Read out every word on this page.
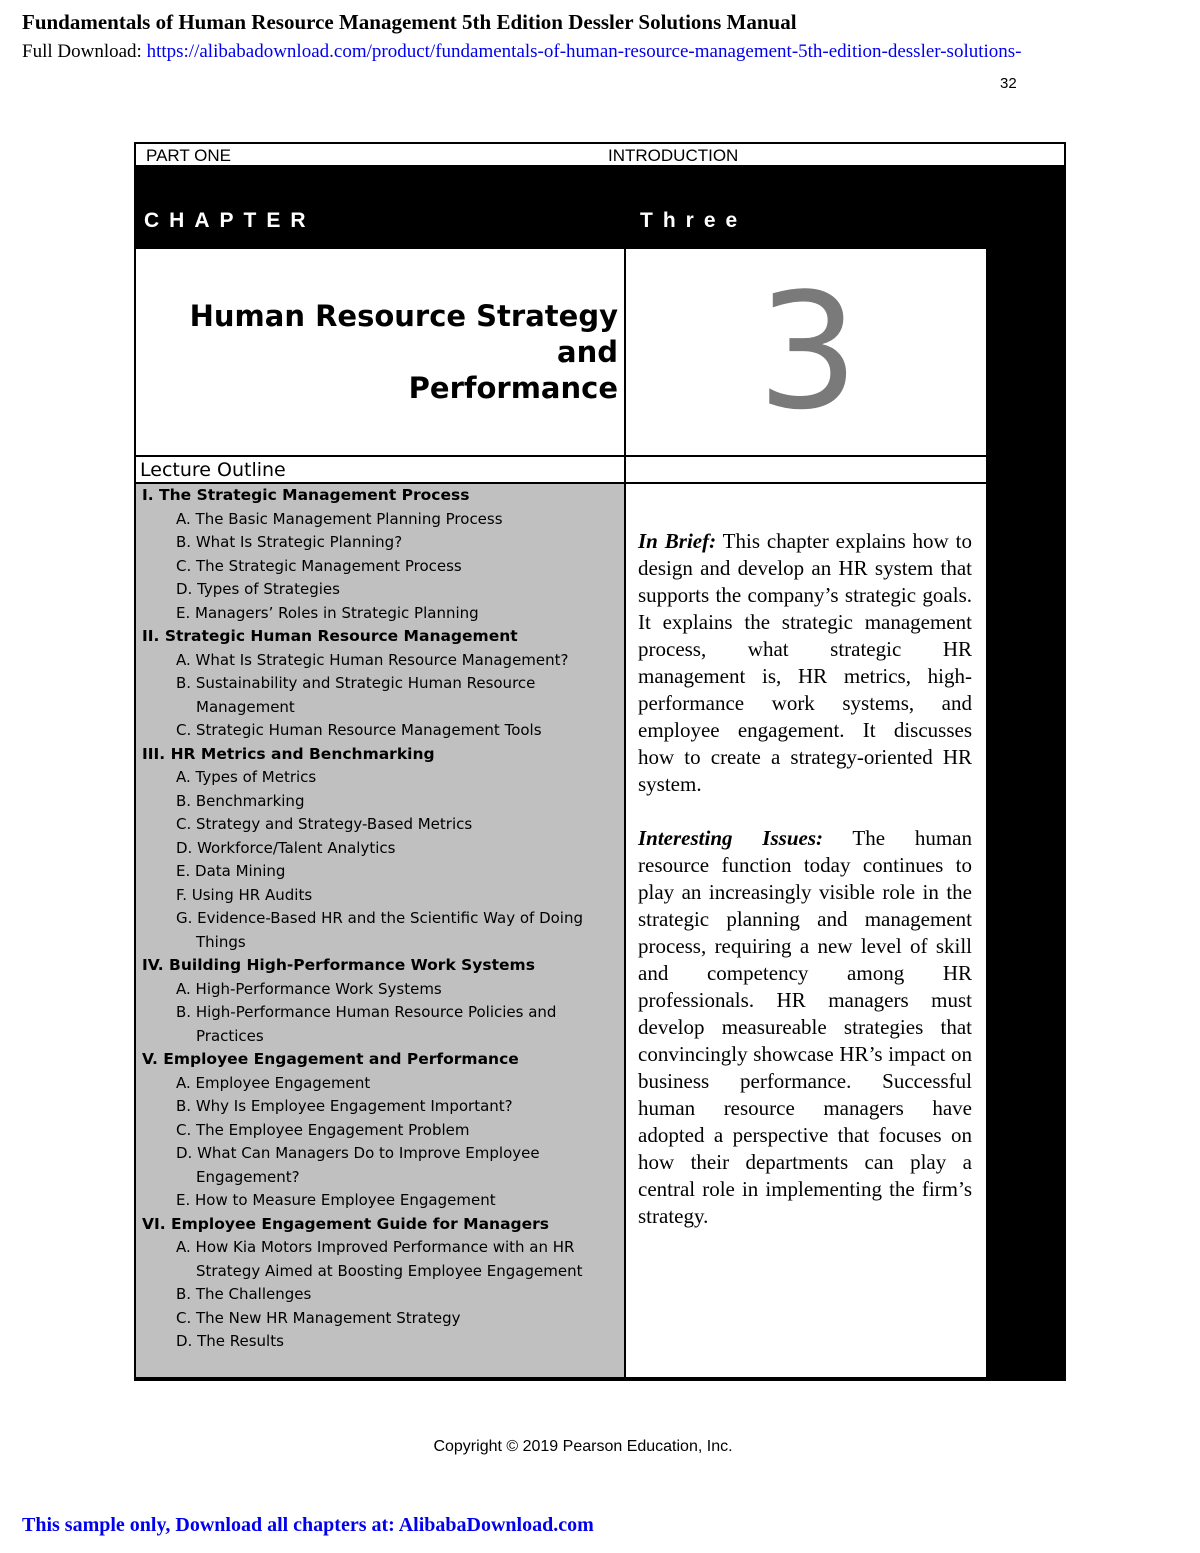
Fundamentals of Human Resource Management 5th Edition Dessler Solutions Manual
Full Download: https://alibabadownload.com/product/fundamentals-of-human-resource-management-5th-edition-dessler-solutions-
32
PART ONE	INTRODUCTION
CHAPTER	Three
Human Resource Strategy and
Performance 3
Lecture Outline
I. The Strategic Management Process
A. The Basic Management Planning Process
B. What Is Strategic Planning?
C. The Strategic Management Process
D. Types of Strategies
E. Managers’ Roles in Strategic Planning
II. Strategic Human Resource Management
A. What Is Strategic Human Resource Management?
B. Sustainability and Strategic Human Resource Management
C. Strategic Human Resource Management Tools
III. HR Metrics and Benchmarking
A. Types of Metrics
B. Benchmarking
C. Strategy and Strategy-Based Metrics
D. Workforce/Talent Analytics
E. Data Mining
F. Using HR Audits
G. Evidence-Based HR and the Scientific Way of Doing Things
IV. Building High-Performance Work Systems
A. High-Performance Work Systems
B. High-Performance Human Resource Policies and Practices
V. Employee Engagement and Performance
A. Employee Engagement
B. Why Is Employee Engagement Important?
C. The Employee Engagement Problem
D. What Can Managers Do to Improve Employee Engagement?
E. How to Measure Employee Engagement
VI. Employee Engagement Guide for Managers
A. How Kia Motors Improved Performance with an HR Strategy Aimed at Boosting Employee Engagement
B. The Challenges
C. The New HR Management Strategy
D. The Results

In Brief: This chapter explains how to design and develop an HR system that supports the company’s strategic goals. It explains the strategic management process, what strategic HR management is, HR metrics, high-performance work systems, and employee engagement. It discusses how to create a strategy-oriented HR system.

Interesting Issues: The human resource function today continues to play an increasingly visible role in the strategic planning and management process, requiring a new level of skill and competency among HR professionals. HR managers must develop measureable strategies that convincingly showcase HR’s impact on business performance. Successful human resource managers have adopted a perspective that focuses on how their departments can play a central role in implementing the firm’s strategy.

Copyright © 2019 Pearson Education, Inc.
This sample only, Download all chapters at: AlibabaDownload.com
